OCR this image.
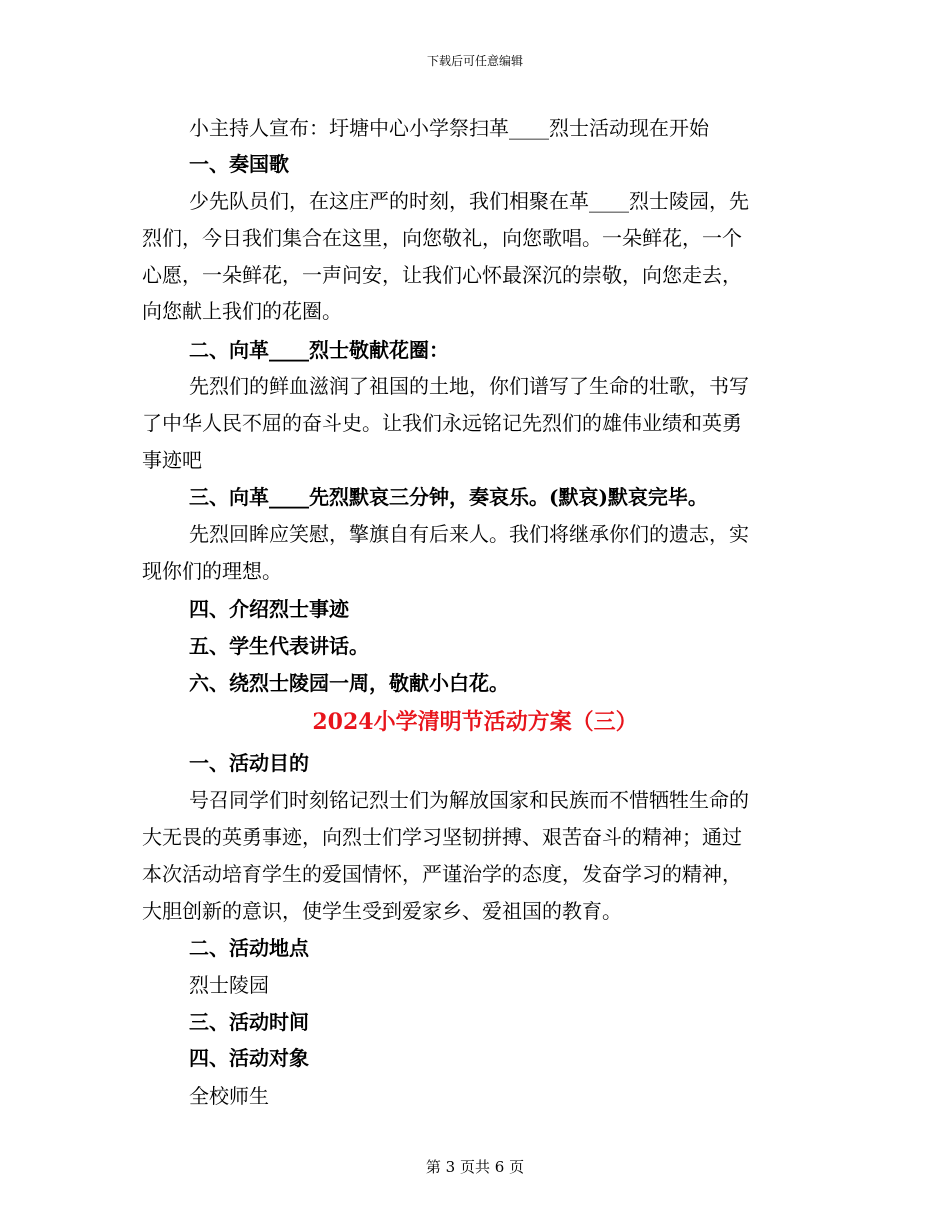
下载后可任意编辑
小主持人宣布：圩塘中心小学祭扫革____烈士活动现在开始
一、奏国歌
少先队员们，在这庄严的时刻，我们相聚在革____烈士陵园，先
烈们，今日我们集合在这里，向您敬礼，向您歌唱。一朵鲜花，一个
心愿，一朵鲜花，一声问安，让我们心怀最深沉的崇敬，向您走去，
向您献上我们的花圈。
二、向革____烈士敬献花圈：
先烈们的鲜血滋润了祖国的土地，你们谱写了生命的壮歌，书写
了中华人民不屈的奋斗史。让我们永远铭记先烈们的雄伟业绩和英勇
事迹吧
三、向革____先烈默哀三分钟，奏哀乐。(默哀)默哀完毕。
先烈回眸应笑慰，擎旗自有后来人。我们将继承你们的遗志，实
现你们的理想。
四、介绍烈士事迹
五、学生代表讲话。
六、绕烈士陵园一周，敬献小白花。
2024小学清明节活动方案（三）
一、活动目的
号召同学们时刻铭记烈士们为解放国家和民族而不惜牺牲生命的
大无畏的英勇事迹，向烈士们学习坚韧拼搏、艰苦奋斗的精神；通过
本次活动培育学生的爱国情怀，严谨治学的态度，发奋学习的精神，
大胆创新的意识，使学生受到爱家乡、爱祖国的教育。
二、活动地点
烈士陵园
三、活动时间
四、活动对象
全校师生
第 3 页共 6 页
